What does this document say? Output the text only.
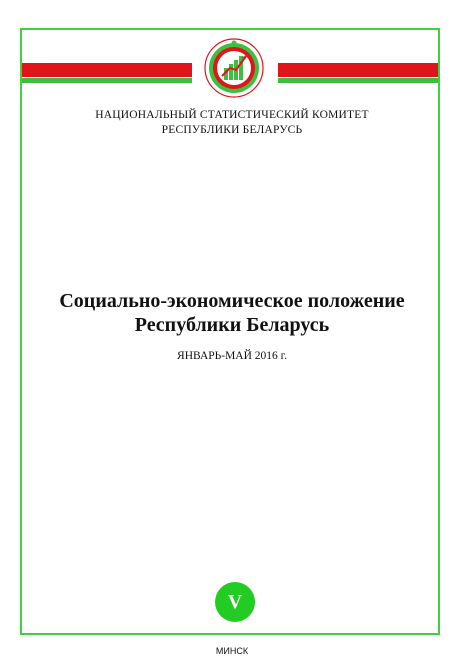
НАЦИОНАЛЬНЫЙ СТАТИСТИЧЕСКИЙ КОМИТЕТ
РЕСПУБЛИКИ БЕЛАРУСЬ
Социально-экономическое положение
Республики Беларусь
ЯНВАРЬ-МАЙ 2016 г.
V
МИНСК
